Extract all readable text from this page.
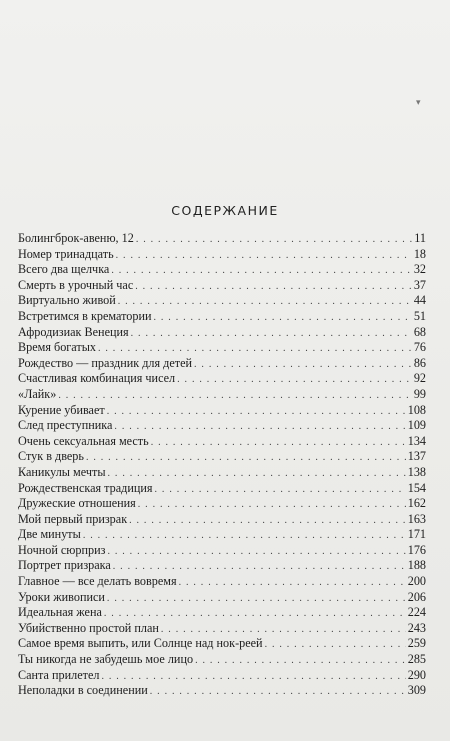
▾
СОДЕРЖАНИЕ
Болингброк-авеню, 12 . . .	11
Номер тринадцать . . .	18
Всего два щелчка . . .	32
Смерть в урочный час . . .	37
Виртуально живой . . .	44
Встретимся в крематории . . .	51
Афродизиак Венеция . . .	68
Время богатых . . .	76
Рождество — праздник для детей . . .	86
Счастливая комбинация чисел . . .	92
«Лайк» . . .	99
Курение убивает . . .	108
След преступника . . .	109
Очень сексуальная месть . . .	134
Стук в дверь . . .	137
Каникулы мечты . . .	138
Рождественская традиция . . .	154
Дружеские отношения . . .	162
Мой первый призрак . . .	163
Две минуты . . .	171
Ночной сюрприз . . .	176
Портрет призрака . . .	188
Главное — все делать вовремя . . .	200
Уроки живописи . . .	206
Идеальная жена . . .	224
Убийственно простой план . . .	243
Самое время выпить, или Солнце над нок-реей . . .	259
Ты никогда не забудешь мое лицо . . .	285
Санта прилетел . . .	290
Неполадки в соединении . . .	309
